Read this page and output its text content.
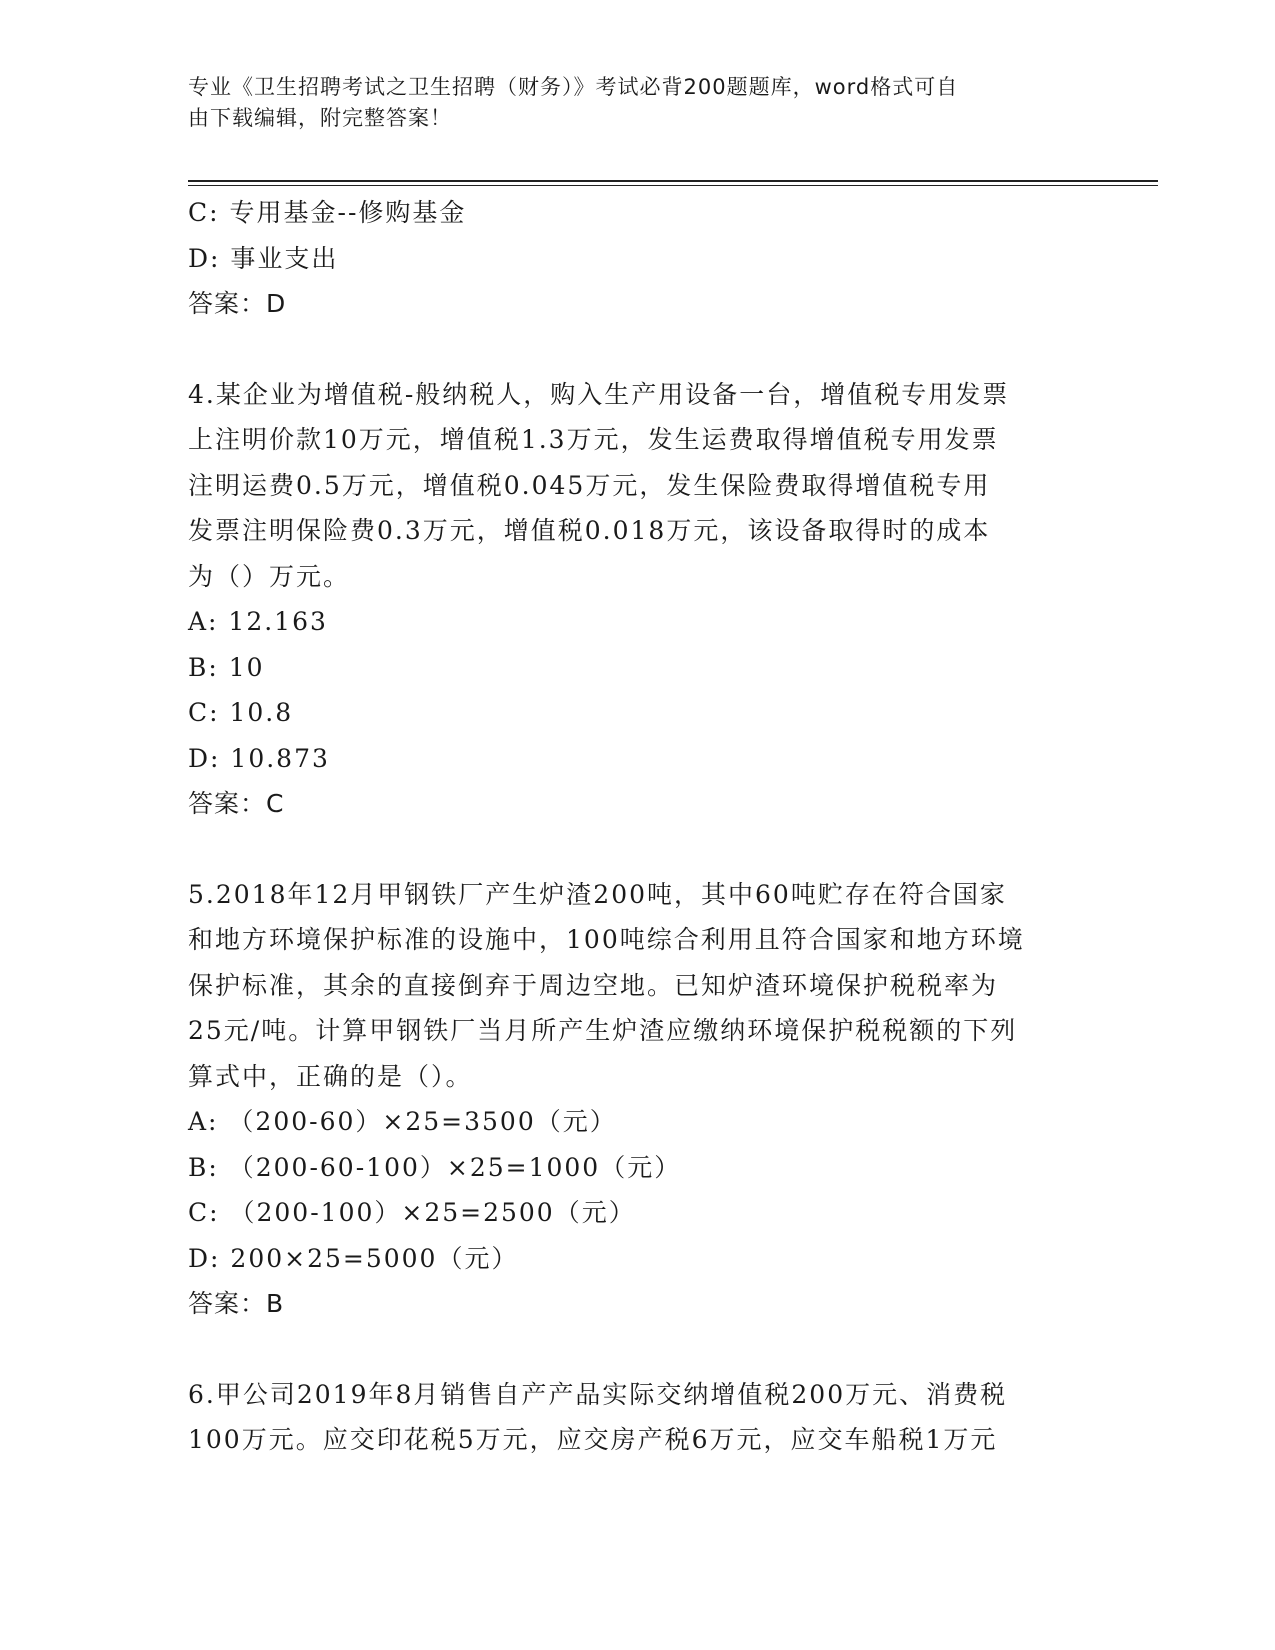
专业《卫生招聘考试之卫生招聘（财务）》考试必背200题题库，word格式可自
由下载编辑，附完整答案！
C: 专用基金--修购基金
D: 事业支出
答案：D
4.某企业为增值税-般纳税人，购入生产用设备一台，增值税专用发票
上注明价款10万元，增值税1.3万元，发生运费取得增值税专用发票
注明运费0.5万元，增值税0.045万元，发生保险费取得增值税专用
发票注明保险费0.3万元，增值税0.018万元，该设备取得时的成本
为（）万元。
A: 12.163
B: 10
C: 10.8
D: 10.873
答案：C
5.2018年12月甲钢铁厂产生炉渣200吨，其中60吨贮存在符合国家
和地方环境保护标准的设施中，100吨综合利用且符合国家和地方环境
保护标准，其余的直接倒弃于周边空地。已知炉渣环境保护税税率为
25元/吨。计算甲钢铁厂当月所产生炉渣应缴纳环境保护税税额的下列
算式中，正确的是（）。
A: （200-60）×25=3500（元）
B: （200-60-100）×25=1000（元）
C: （200-100）×25=2500（元）
D: 200×25=5000（元）
答案：B
6.甲公司2019年8月销售自产产品实际交纳增值税200万元、消费税
100万元。应交印花税5万元，应交房产税6万元，应交车船税1万元
